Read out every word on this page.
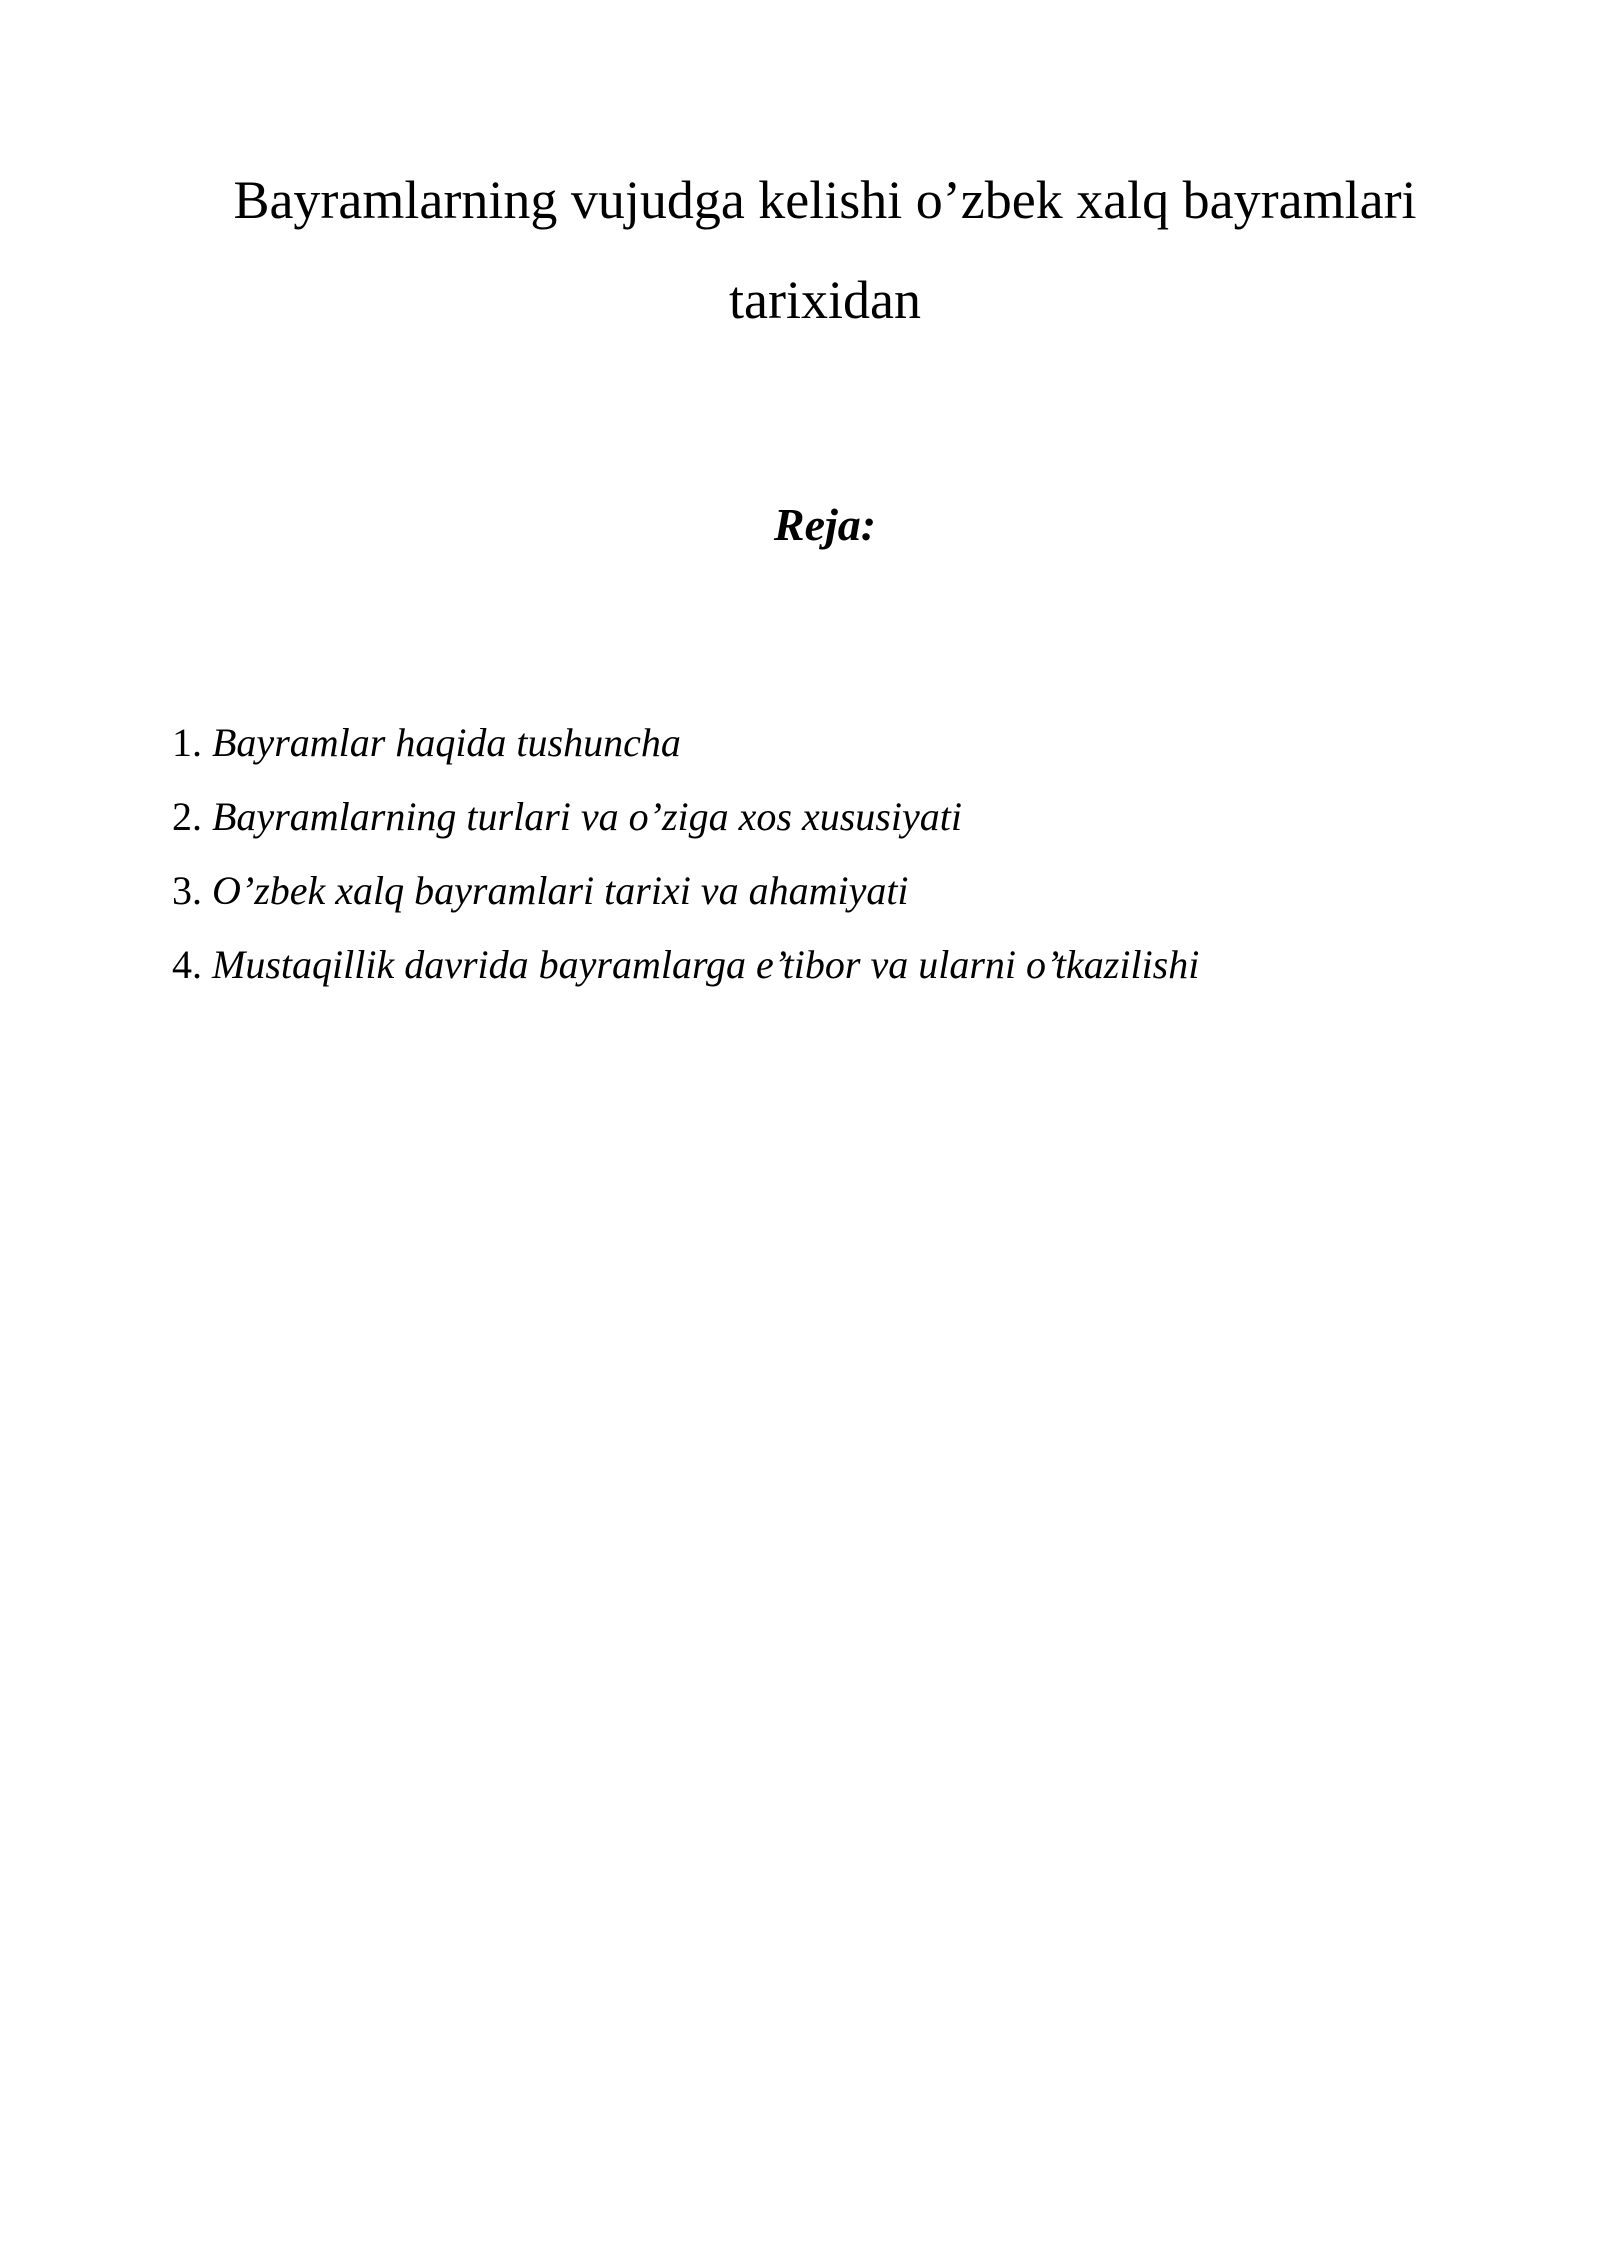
Bayramlarning vujudga kelishi o’zbek xalq bayramlari
tarixidan
Reja:
1. Bayramlar haqida tushuncha
2. Bayramlarning turlari va o’ziga xos xususiyati
3. O’zbek xalq bayramlari tarixi va ahamiyati
4. Mustaqillik davrida bayramlarga e’tibor va ularni o’tkazilishi
